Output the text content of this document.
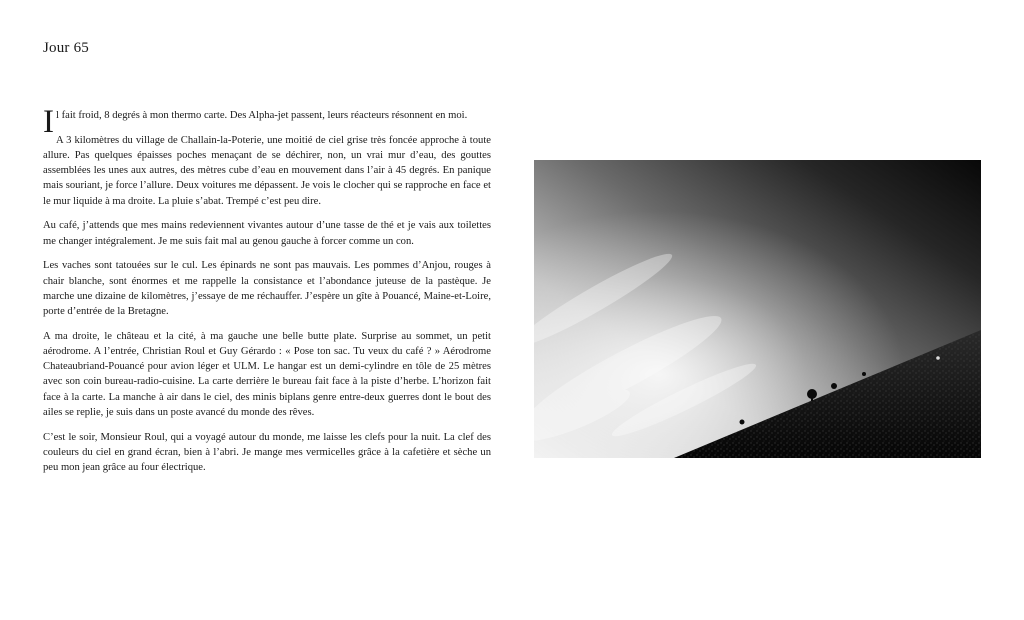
Jour 65

Il fait froid, 8 degrés à mon thermo carte. Des Alpha-jet passent, leurs réacteurs résonnent en moi.

A 3 kilomètres du village de Challain-la-Poterie, une moitié de ciel grise très foncée approche à toute allure. Pas quelques épaisses poches menaçant de se déchirer, non, un vrai mur d’eau, des gouttes assemblées les unes aux autres, des mètres cube d’eau en mouvement dans l’air à 45 degrés. En panique mais souriant, je force l’allure. Deux voitures me dépassent. Je vois le clocher qui se rapproche en face et le mur liquide à ma droite. La pluie s’abat. Trempé c’est peu dire.

Au café, j’attends que mes mains redeviennent vivantes autour d’une tasse de thé et je vais aux toilettes me changer intégralement. Je me suis fait mal au genou gauche à forcer comme un con.

Les vaches sont tatouées sur le cul. Les épinards ne sont pas mauvais. Les pommes d’Anjou, rouges à chair blanche, sont énormes et me rappelle la consistance et l’abondance juteuse de la pastèque. Je marche une dizaine de kilomètres, j’essaye de me réchauffer. J’espère un gîte à Pouancé, Maine-et-Loire, porte d’entrée de la Bretagne.

A ma droite, le château et la cité, à ma gauche une belle butte plate. Surprise au sommet, un petit aérodrome. A l’entrée, Christian Roul et Guy Gérardo : « Pose ton sac. Tu veux du café ? » Aérodrome Chateaubriand-Pouancé pour avion léger et ULM. Le hangar est un demi-cylindre en tôle de 25 mètres avec son coin bureau-radio-cuisine. La carte derrière le bureau fait face à la piste d’herbe. L’horizon fait face à la carte. La manche à air dans le ciel, des minis biplans genre entre-deux guerres dont le bout des ailes se replie, je suis dans un poste avancé du monde des rêves.

C’est le soir, Monsieur Roul, qui a voyagé autour du monde, me laisse les clefs pour la nuit. La clef des couleurs du ciel en grand écran, bien à l’abri. Je mange mes vermicelles grâce à la cafetière et sèche un peu mon jean grâce au four électrique.
